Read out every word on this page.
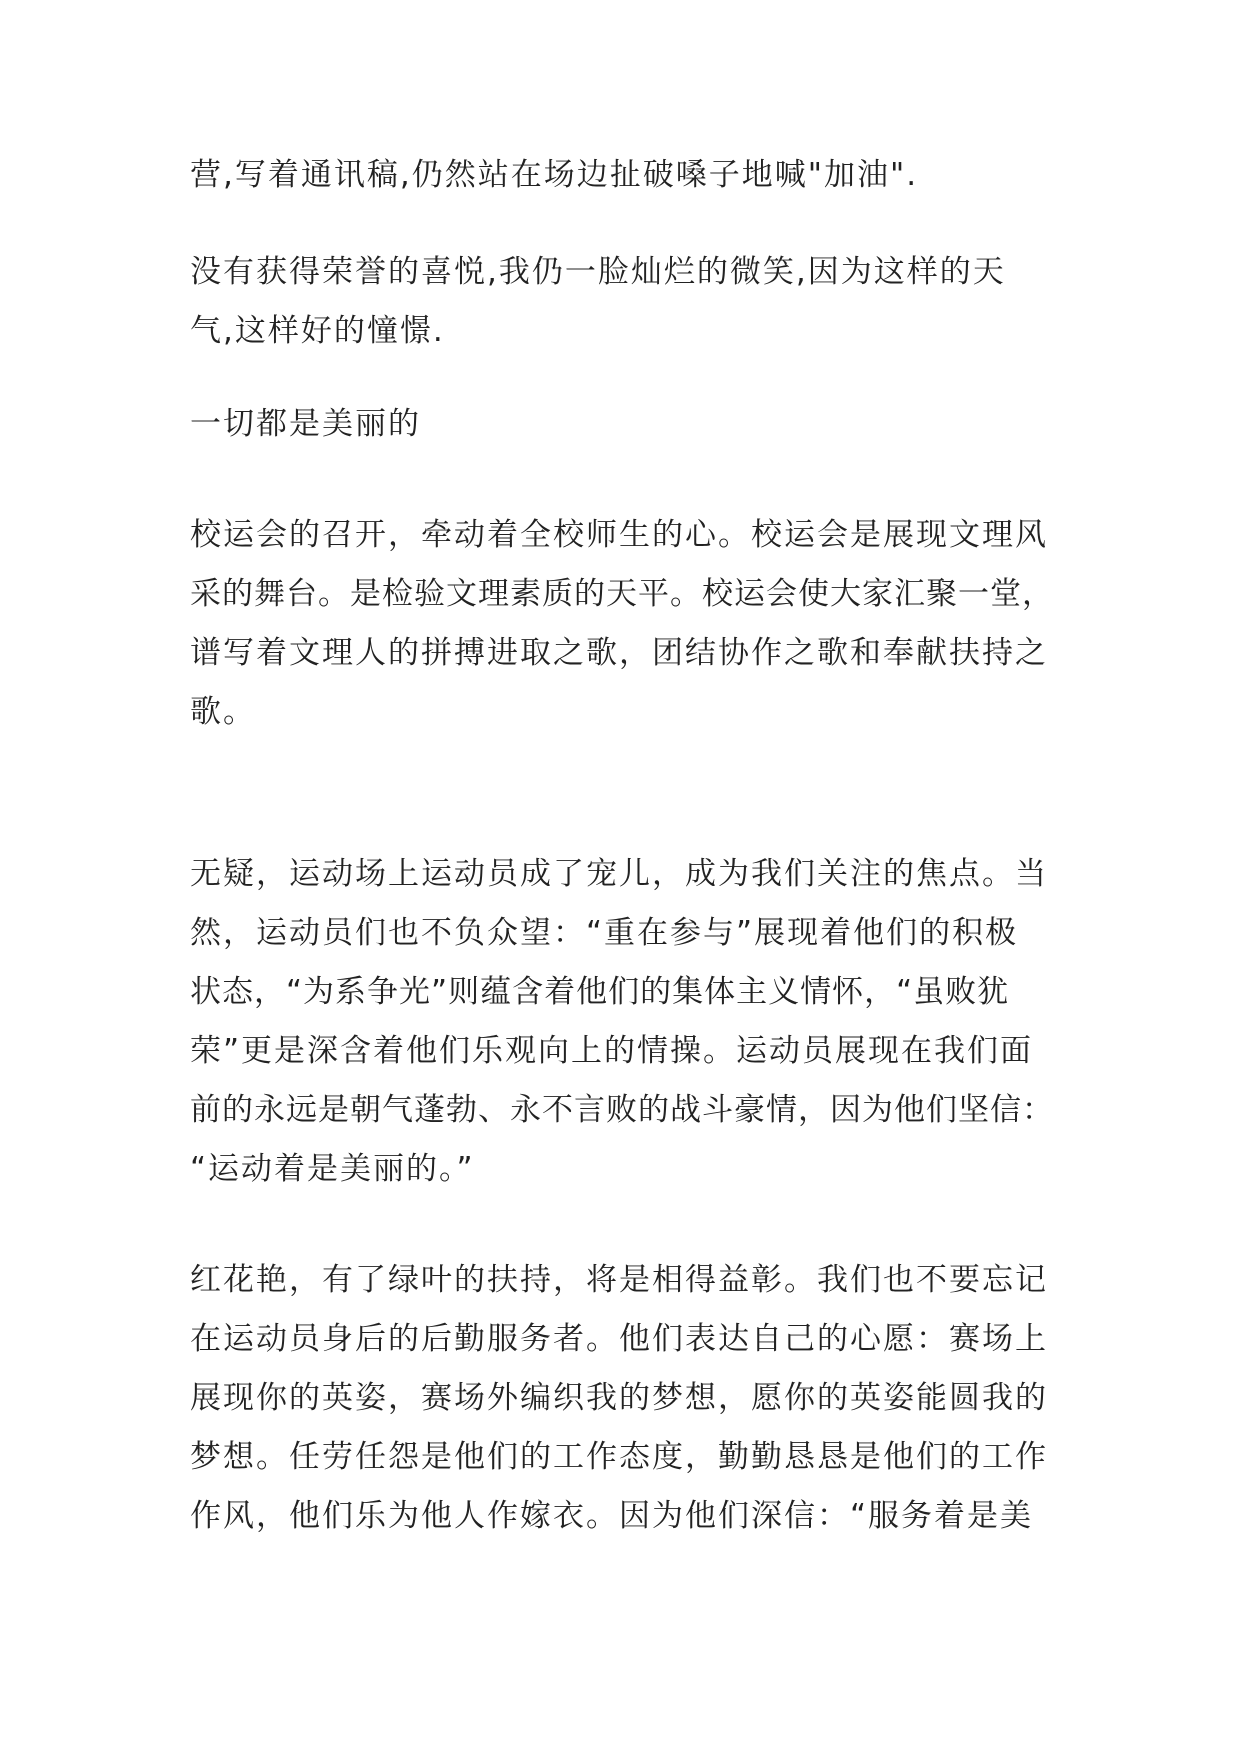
营,写着通讯稿,仍然站在场边扯破嗓子地喊"加油".
没有获得荣誉的喜悦,我仍一脸灿烂的微笑,因为这样的天
气,这样好的憧憬.
一切都是美丽的
校运会的召开，牵动着全校师生的心。校运会是展现文理风
采的舞台。是检验文理素质的天平。校运会使大家汇聚一堂，
谱写着文理人的拼搏进取之歌，团结协作之歌和奉献扶持之
歌。
无疑，运动场上运动员成了宠儿，成为我们关注的焦点。当
然，运动员们也不负众望：“重在参与”展现着他们的积极
状态，“为系争光”则蕴含着他们的集体主义情怀，“虽败犹
荣”更是深含着他们乐观向上的情操。运动员展现在我们面
前的永远是朝气蓬勃、永不言败的战斗豪情，因为他们坚信：
“运动着是美丽的。”
红花艳，有了绿叶的扶持，将是相得益彰。我们也不要忘记
在运动员身后的后勤服务者。他们表达自己的心愿：赛场上
展现你的英姿，赛场外编织我的梦想，愿你的英姿能圆我的
梦想。任劳任怨是他们的工作态度，勤勤恳恳是他们的工作
作风，他们乐为他人作嫁衣。因为他们深信：“服务着是美
